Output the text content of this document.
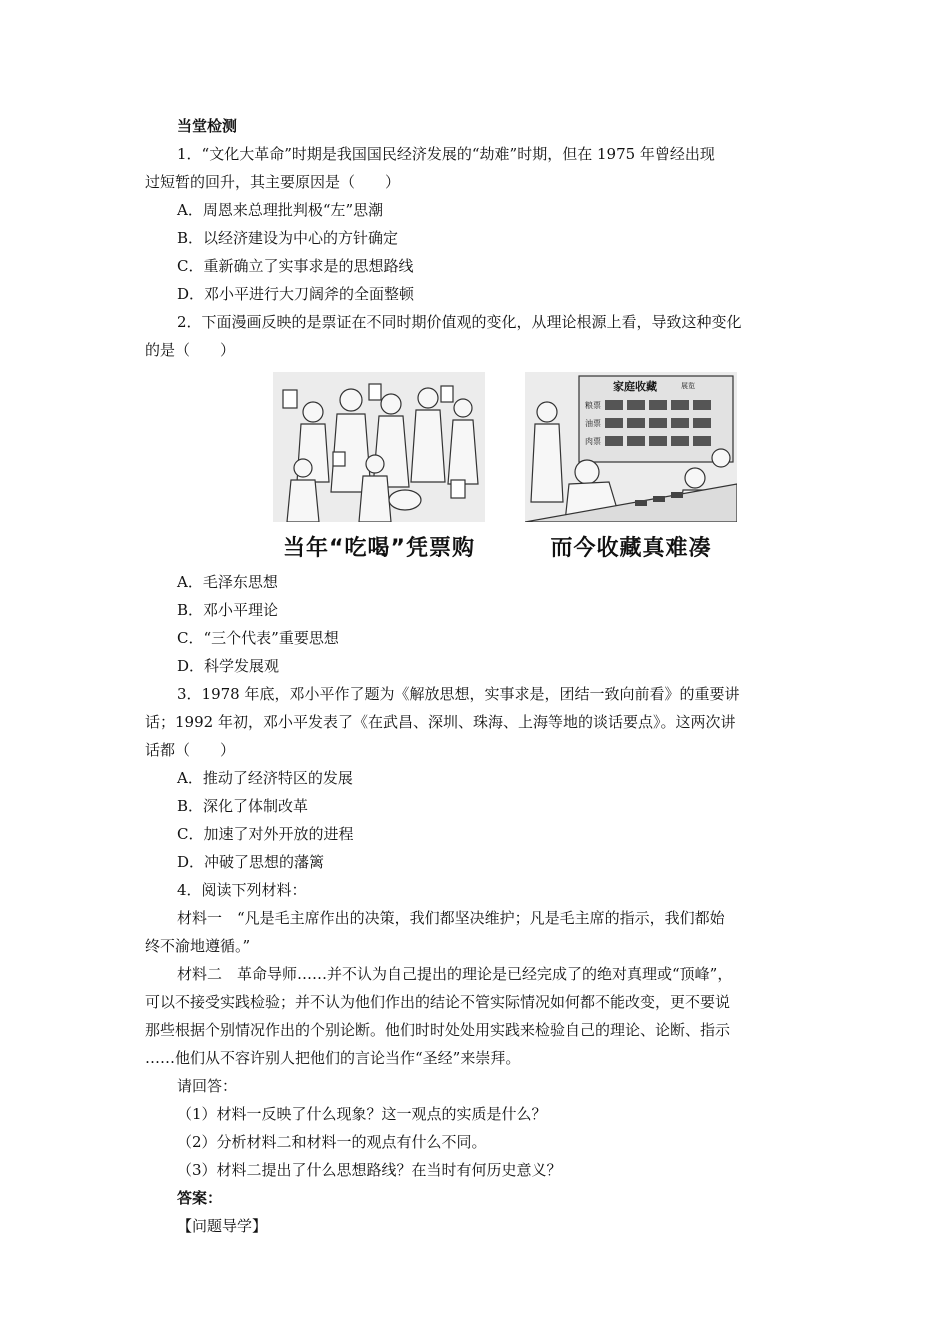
当堂检测
1．“文化大革命”时期是我国国民经济发展的“劫难”时期，但在 1975 年曾经出现
过短暂的回升，其主要原因是（　　）
A．周恩来总理批判极“左”思潮
B．以经济建设为中心的方针确定
C．重新确立了实事求是的思想路线
D．邓小平进行大刀阔斧的全面整顿
2．下面漫画反映的是票证在不同时期价值观的变化，从理论根源上看，导致这种变化
的是（　　）
当年“吃喝”凭票购
家庭收藏	展览
粮票
油票
肉票
而今收藏真难凑
A．毛泽东思想
B．邓小平理论
C．“三个代表”重要思想
D．科学发展观
3．1978 年底，邓小平作了题为《解放思想，实事求是，团结一致向前看》的重要讲
话；1992 年初，邓小平发表了《在武昌、深圳、珠海、上海等地的谈话要点》。这两次讲
话都（　　）
A．推动了经济特区的发展
B．深化了体制改革
C．加速了对外开放的进程
D．冲破了思想的藩篱
4．阅读下列材料：
材料一　“凡是毛主席作出的决策，我们都坚决维护；凡是毛主席的指示，我们都始
终不渝地遵循。”
材料二　革命导师……并不认为自己提出的理论是已经完成了的绝对真理或“顶峰”，
可以不接受实践检验；并不认为他们作出的结论不管实际情况如何都不能改变，更不要说
那些根据个别情况作出的个别论断。他们时时处处用实践来检验自己的理论、论断、指示
……他们从不容许别人把他们的言论当作“圣经”来崇拜。
请回答：
（1）材料一反映了什么现象？这一观点的实质是什么？
（2）分析材料二和材料一的观点有什么不同。
（3）材料二提出了什么思想路线？在当时有何历史意义？
答案：
【问题导学】
